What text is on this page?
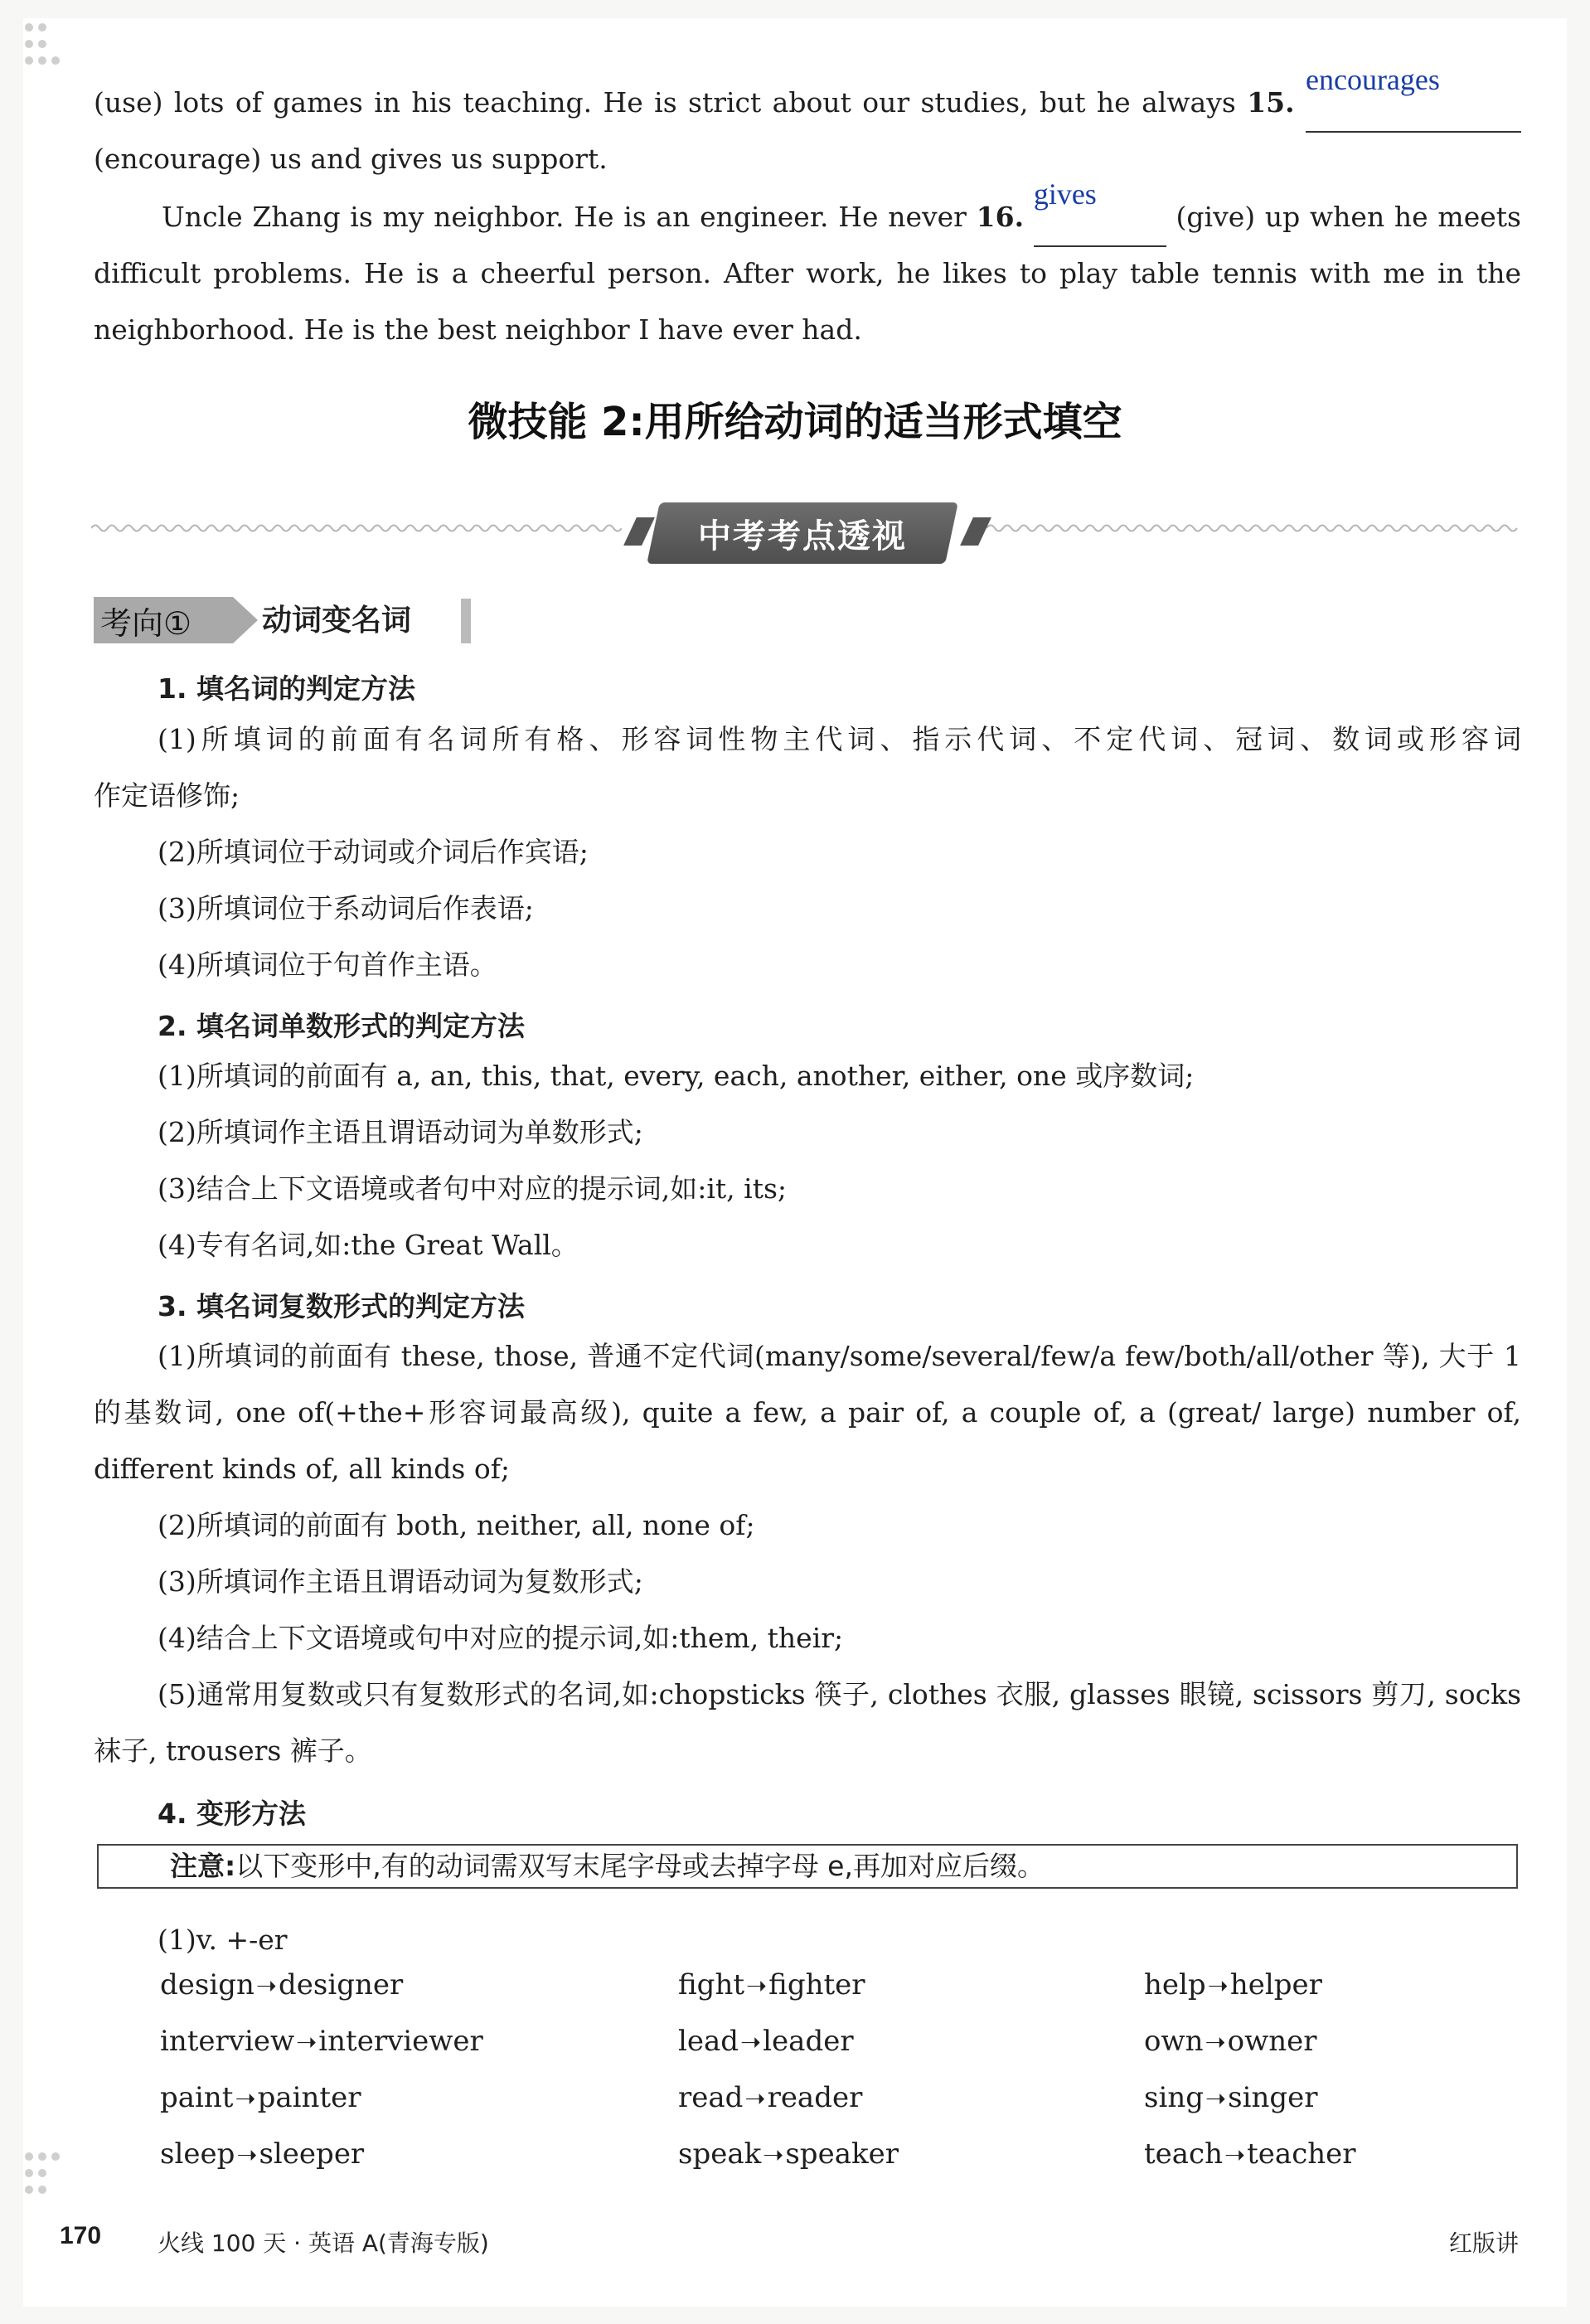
(use) lots of games in his teaching. He is strict about our studies, but he always 15.
encourages

(encourage) us and gives us support.
Uncle Zhang is my neighbor. He is an engineer. He never 16.
gives
(give) up when he meets
difficult problems. He is a cheerful person. After work, he likes to play table tennis with me in the
neighborhood. He is the best neighbor I have ever had.
微技能 2:用所给动词的适当形式填空
中考考点透视
考向①	动词变名词
1. 填名词的判定方法
(1)所填词的前面有名词所有格、形容词性物主代词、指示代词、不定代词、冠词、数词或形容词
作定语修饰;
(2)所填词位于动词或介词后作宾语;
(3)所填词位于系动词后作表语;
(4)所填词位于句首作主语。
2. 填名词单数形式的判定方法
(1)所填词的前面有 a, an, this, that, every, each, another, either, one 或序数词;
(2)所填词作主语且谓语动词为单数形式;
(3)结合上下文语境或者句中对应的提示词,如:it, its;
(4)专有名词,如:the Great Wall。
3. 填名词复数形式的判定方法
(1)所填词的前面有 these, those, 普通不定代词(many/some/several/few/a few/both/all/other 等), 大于 1 的基数词, one of(+the+形容词最高级), quite a few, a pair of, a couple of, a (great/ large) number of, different kinds of, all kinds of;
(2)所填词的前面有 both, neither, all, none of;
(3)所填词作主语且谓语动词为复数形式;
(4)结合上下文语境或句中对应的提示词,如:them, their;
(5)通常用复数或只有复数形式的名词,如:chopsticks 筷子, clothes 衣服, glasses 眼镜, scissors 剪刀, socks 袜子, trousers 裤子。
4. 变形方法
注意:以下变形中,有的动词需双写末尾字母或去掉字母 e,再加对应后缀。
(1)v. +-er
design➝designer	fight➝fighter	help➝helper
interview➝interviewer	lead➝leader	own➝owner
paint➝painter	read➝reader	sing➝singer
sleep➝sleeper	speak➝speaker	teach➝teacher
170 火线 100 天 · 英语 A(青海专版)	红版讲
